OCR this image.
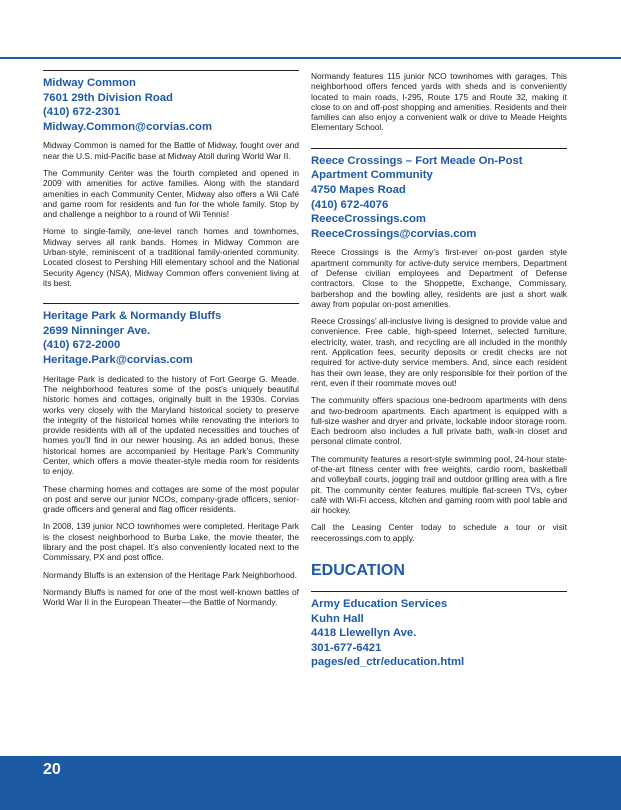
Midway Common
7601 29th Division Road
(410) 672-2301
Midway.Common@corvias.com

Midway Common is named for the Battle of Midway, fought over and near the U.S. mid-Pacific base at Midway Atoll during World War II.

The Community Center was the fourth completed and opened in 2009 with amenities for active families. Along with the standard amenities in each Community Center, Midway also offers a Wii Café and game room for residents and fun for the whole family. Stop by and challenge a neighbor to a round of Wii Tennis!

Home to single-family, one-level ranch homes and townhomes, Midway serves all rank bands. Homes in Midway Common are Urban-style, reminiscent of a traditional family-oriented community. Located closest to Pershing Hill elementary school and the National Security Agency (NSA), Midway Common offers convenient living at its best.

Heritage Park & Normandy Bluffs
2699 Ninninger Ave.
(410) 672-2000
Heritage.Park@corvias.com

Heritage Park is dedicated to the history of Fort George G. Meade. The neighborhood features some of the post’s uniquely beautiful historic homes and cottages, originally built in the 1930s. Corvias works very closely with the Maryland historical society to preserve the integrity of the historical homes while renovating the interiors to provide residents with all of the updated necessities and touches of homes you’ll find in our newer housing. As an added bonus, these historical homes are accompanied by Heritage Park’s Community Center, which offers a movie theater-style media room for residents to enjoy.

These charming homes and cottages are some of the most popular on post and serve our junior NCOs, company-grade officers, senior-grade officers and general and flag officer residents.

In 2008, 139 junior NCO townhomes were completed. Heritage Park is the closest neighborhood to Burba Lake, the movie theater, the library and the post chapel. It’s also conveniently located next to the Commissary, PX and post office.

Normandy Bluffs is an extension of the Heritage Park Neighborhood.

Normandy Bluffs is named for one of the most well-known battles of World War II in the European Theater—the Battle of Normandy.

Normandy features 115 junior NCO townhomes with garages. This neighborhood offers fenced yards with sheds and is conveniently located to main roads, I-295, Route 175 and Route 32, making it close to on and off-post shopping and amenities. Residents and their families can also enjoy a convenient walk or drive to Meade Heights Elementary School.

Reece Crossings – Fort Meade On-Post
Apartment Community
4750 Mapes Road
(410) 672-4076
ReeceCrossings.com
ReeceCrossings@corvias.com

Reece Crossings is the Army’s first-ever on-post garden style apartment community for active-duty service members, Department of Defense civilian employees and Department of Defense contractors. Close to the Shoppette, Exchange, Commissary, barbershop and the bowling alley, residents are just a short walk away from popular on-post amenities.

Reece Crossings’ all-inclusive living is designed to provide value and convenience. Free cable, high-speed Internet, selected furniture, electricity, water, trash, and recycling are all included in the monthly rent. Application fees, security deposits or credit checks are not required for active-duty service members. And, since each resident has their own lease, they are only responsible for their portion of the rent, even if their roommate moves out!

The community offers spacious one-bedroom apartments with dens and two-bedroom apartments. Each apartment is equipped with a full-size washer and dryer and private, lockable indoor storage room. Each bedroom also includes a full private bath, walk-in closet and personal climate control.

The community features a resort-style swimming pool, 24-hour state-of-the-art fitness center with free weights, cardio room, basketball and volleyball courts, jogging trail and outdoor grilling area with a fire pit. The community center features multiple flat-screen TVs, cyber café with Wi-Fi access, kitchen and gaming room with pool table and air hockey.

Call the Leasing Center today to schedule a tour or visit reecerossings.com to apply.

EDUCATION
Army Education Services
Kuhn Hall
4418 Llewellyn Ave.
301-677-6421
pages/ed_ctr/education.html
20
